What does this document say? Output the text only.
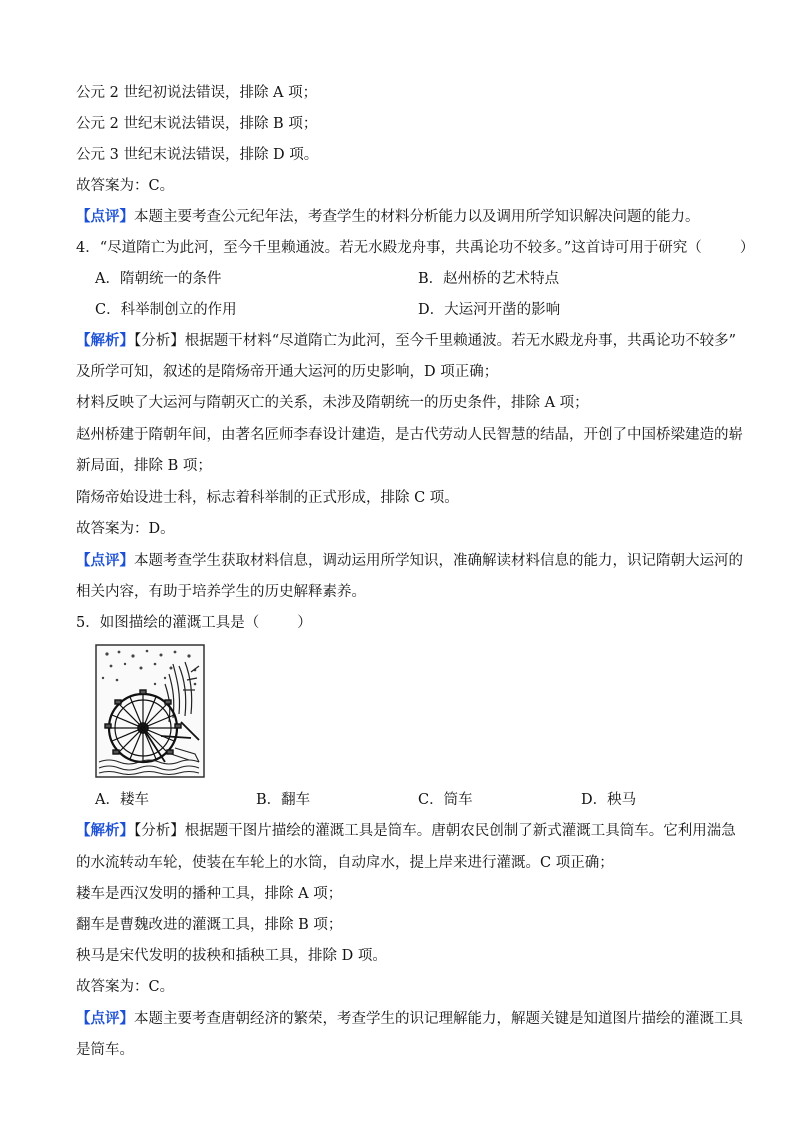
公元 2 世纪初说法错误，排除 A 项；
公元 2 世纪末说法错误，排除 B 项；
公元 3 世纪末说法错误，排除 D 项。
故答案为：C。
【点评】本题主要考查公元纪年法，考查学生的材料分析能力以及调用所学知识解决问题的能力。
4．“尽道隋亡为此河，至今千里赖通波。若无水殿龙舟事，共禹论功不较多。”这首诗可用于研究（	）
A．隋朝统一的条件	B．赵州桥的艺术特点
C．科举制创立的作用	D．大运河开凿的影响
【解析】【分析】根据题干材料“尽道隋亡为此河，至今千里赖通波。若无水殿龙舟事，共禹论功不较多”
及所学可知，叙述的是隋炀帝开通大运河的历史影响，D 项正确；
材料反映了大运河与隋朝灭亡的关系，未涉及隋朝统一的历史条件，排除 A 项；
赵州桥建于隋朝年间，由著名匠师李春设计建造，是古代劳动人民智慧的结晶，开创了中国桥梁建造的崭
新局面，排除 B 项；
隋炀帝始设进士科，标志着科举制的正式形成，排除 C 项。
故答案为：D。
【点评】本题考查学生获取材料信息，调动运用所学知识，准确解读材料信息的能力，识记隋朝大运河的
相关内容，有助于培养学生的历史解释素养。
5．如图描绘的灌溉工具是（	）
A．耧车	B．翻车	C．筒车	D．秧马
【解析】【分析】根据题干图片描绘的灌溉工具是筒车。唐朝农民创制了新式灌溉工具筒车。它利用湍急
的水流转动车轮，使装在车轮上的水筒，自动戽水，提上岸来进行灌溉。C 项正确；
耧车是西汉发明的播种工具，排除 A 项；
翻车是曹魏改进的灌溉工具，排除 B 项；
秧马是宋代发明的拔秧和插秧工具，排除 D 项。
故答案为：C。
【点评】本题主要考查唐朝经济的繁荣，考查学生的识记理解能力，解题关键是知道图片描绘的灌溉工具
是筒车。
